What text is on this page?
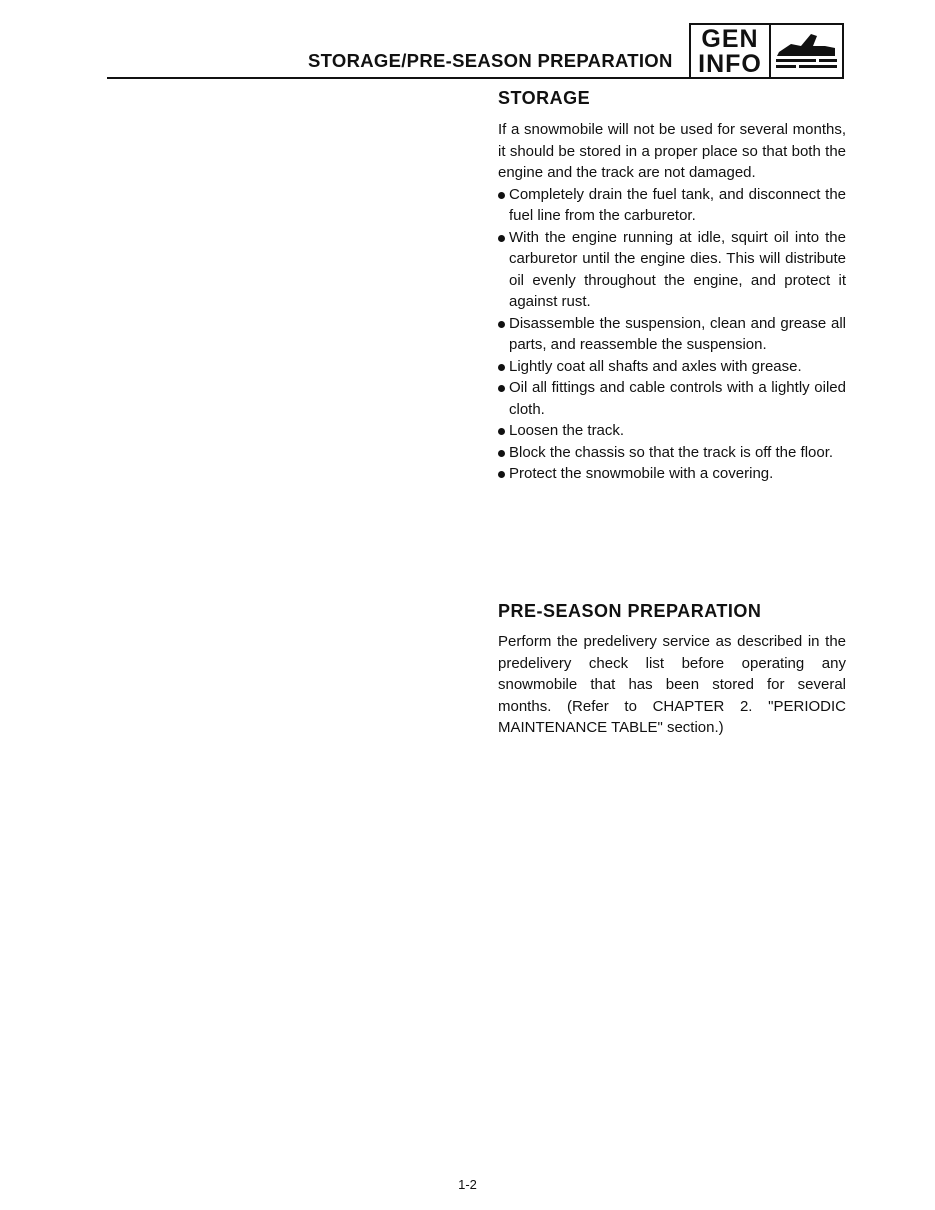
STORAGE/PRE-SEASON PREPARATION
GEN
INFO
STORAGE

If a snowmobile will not be used for several months, it should be stored in a proper place so that both the engine and the track are not damaged.

Completely drain the fuel tank, and disconnect the fuel line from the carburetor.
With the engine running at idle, squirt oil into the carburetor until the engine dies. This will distribute oil evenly throughout the engine, and protect it against rust.
Disassemble the suspension, clean and grease all parts, and reassemble the suspension.
Lightly coat all shafts and axles with grease.
Oil all fittings and cable controls with a lightly oiled cloth.
Loosen the track.
Block the chassis so that the track is off the floor.
Protect the snowmobile with a covering.
PRE-SEASON PREPARATION

Perform the predelivery service as described in the predelivery check list before operating any snowmobile that has been stored for several months. (Refer to CHAPTER 2. "PERIODIC MAINTENANCE TABLE" section.)

1-2
